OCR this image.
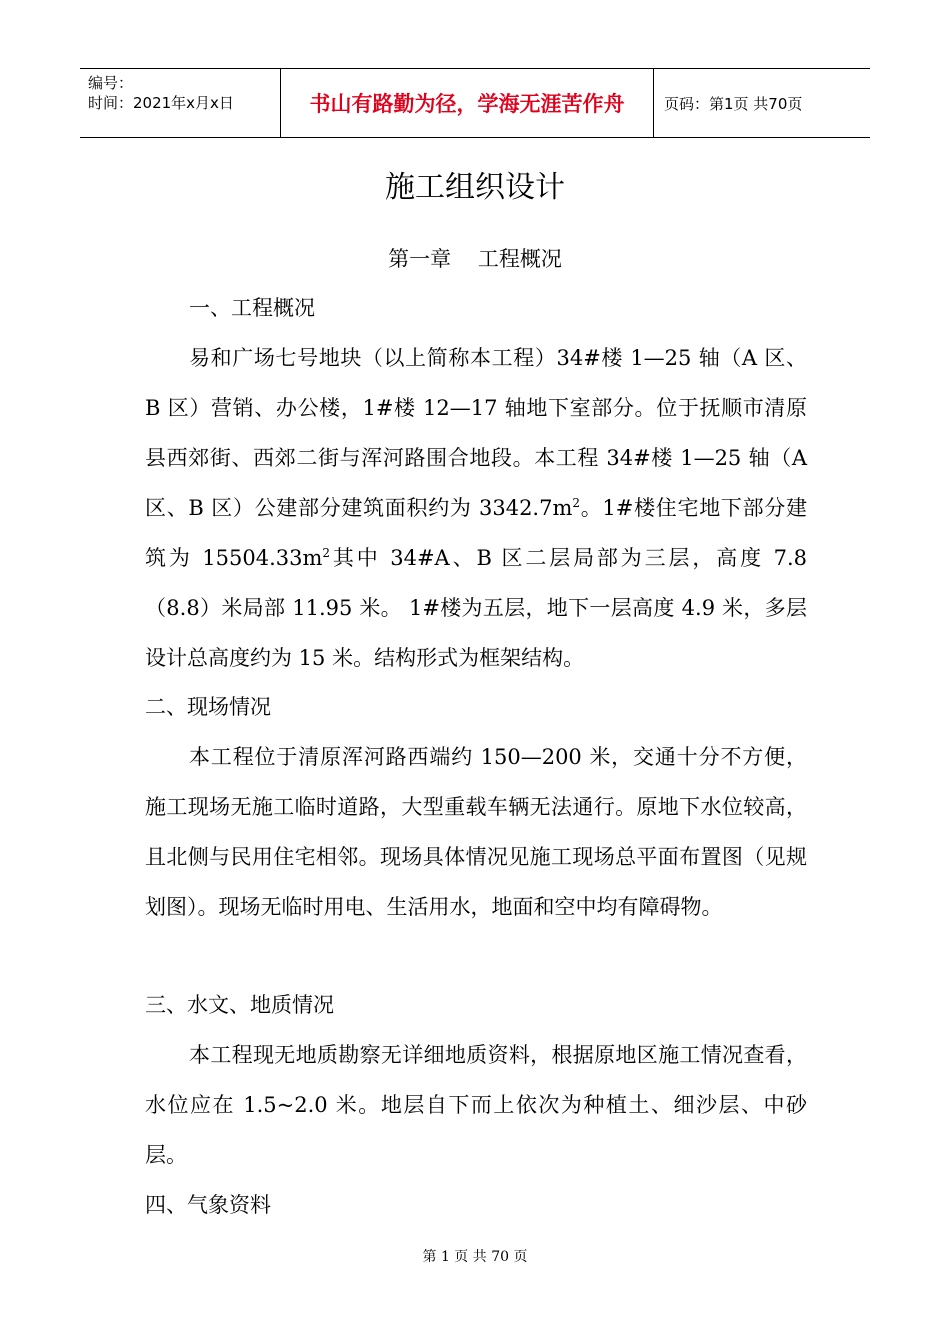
编号：
时间：2021年x月x日	书山有路勤为径，学海无涯苦作舟	页码：第1页 共70页
施工组织设计
第一章    工程概况
一、工程概况
易和广场七号地块（以上简称本工程）34#楼 1—25 轴（A 区、B 区）营销、办公楼，1#楼 12—17 轴地下室部分。位于抚顺市清原县西郊街、西郊二街与浑河路围合地段。本工程 34#楼 1—25 轴（A 区、B 区）公建部分建筑面积约为 $3342.7m^2$。1#楼住宅地下部分建筑为 $15504.33m^2$其中 34#A、B 区二层局部为三层，高度 7.8（8.8）米局部 11.95 米。 1#楼为五层，地下一层高度 4.9 米，多层设计总高度约为 15 米。结构形式为框架结构。
二、现场情况
本工程位于清原浑河路西端约 150—200 米，交通十分不方便，施工现场无施工临时道路，大型重载车辆无法通行。原地下水位较高，且北侧与民用住宅相邻。现场具体情况见施工现场总平面布置图（见规划图）。现场无临时用电、生活用水，地面和空中均有障碍物。
三、水文、地质情况
本工程现无地质勘察无详细地质资料，根据原地区施工情况查看，水位应在 1.5~2.0 米。地层自下而上依次为种植土、细沙层、中砂层。
四、气象资料
第 1 页 共 70 页
